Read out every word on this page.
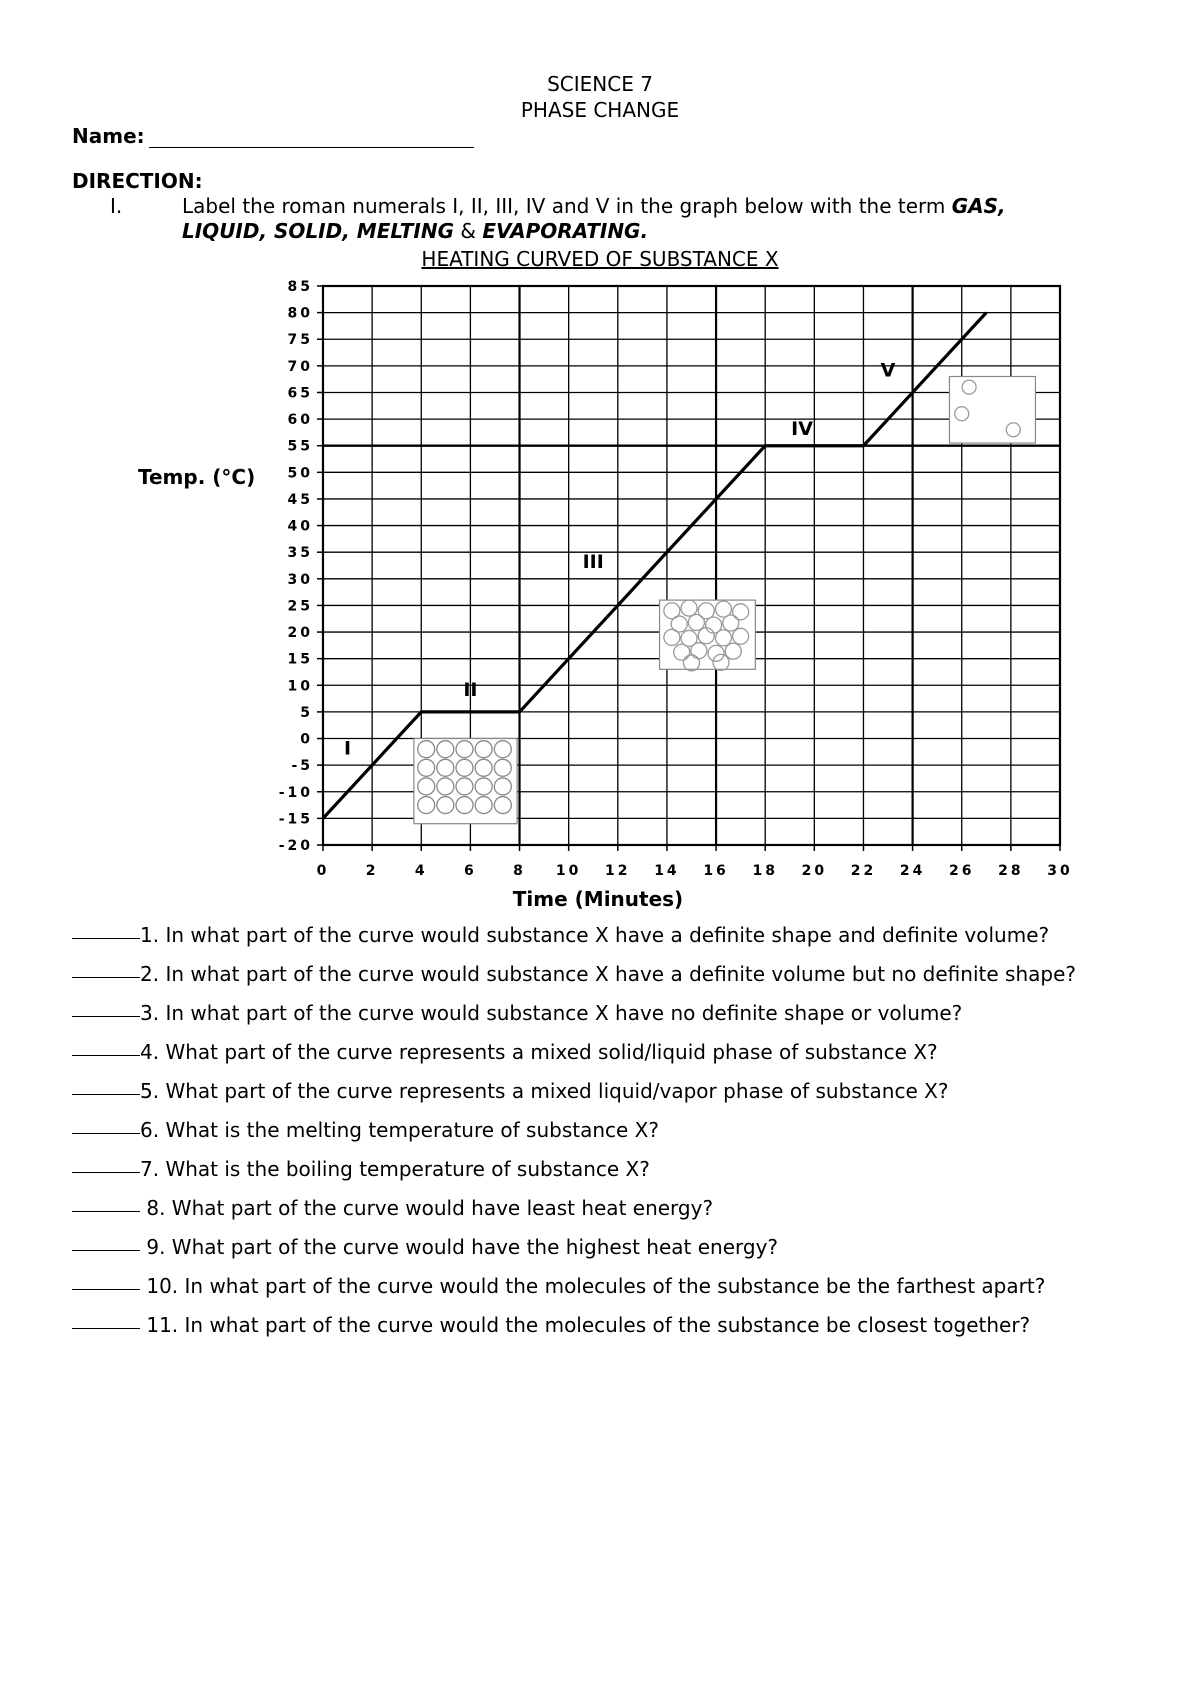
SCIENCE 7
PHASE CHANGE
Name:
DIRECTION:
I.	Label the roman numerals I, II, III, IV and V in the graph below with the term GAS,
LIQUID, SOLID, MELTING & EVAPORATING.
HEATING CURVED OF SUBSTANCE X
0	2	4	6	8 10 12 14 16 18 20 22 24 26 28 30
-20
-15
-10
-5
0
5
10
15
20
25
30
35
40
45
50
55
60
65
70
75
80
85
I
II
III
IV
V
Temp. (°C)
Time (Minutes)
1. In what part of the curve would substance X have a definite shape and definite volume?
2. In what part of the curve would substance X have a definite volume but no definite shape?
3. In what part of the curve would substance X have no definite shape or volume?
4. What part of the curve represents a mixed solid/liquid phase of substance X?
5. What part of the curve represents a mixed liquid/vapor phase of substance X?
6. What is the melting temperature of substance X?
7. What is the boiling temperature of substance X?
8. What part of the curve would have least heat energy?
9. What part of the curve would have the highest heat energy?
10. In what part of the curve would the molecules of the substance be the farthest apart?
11. In what part of the curve would the molecules of the substance be closest together?
